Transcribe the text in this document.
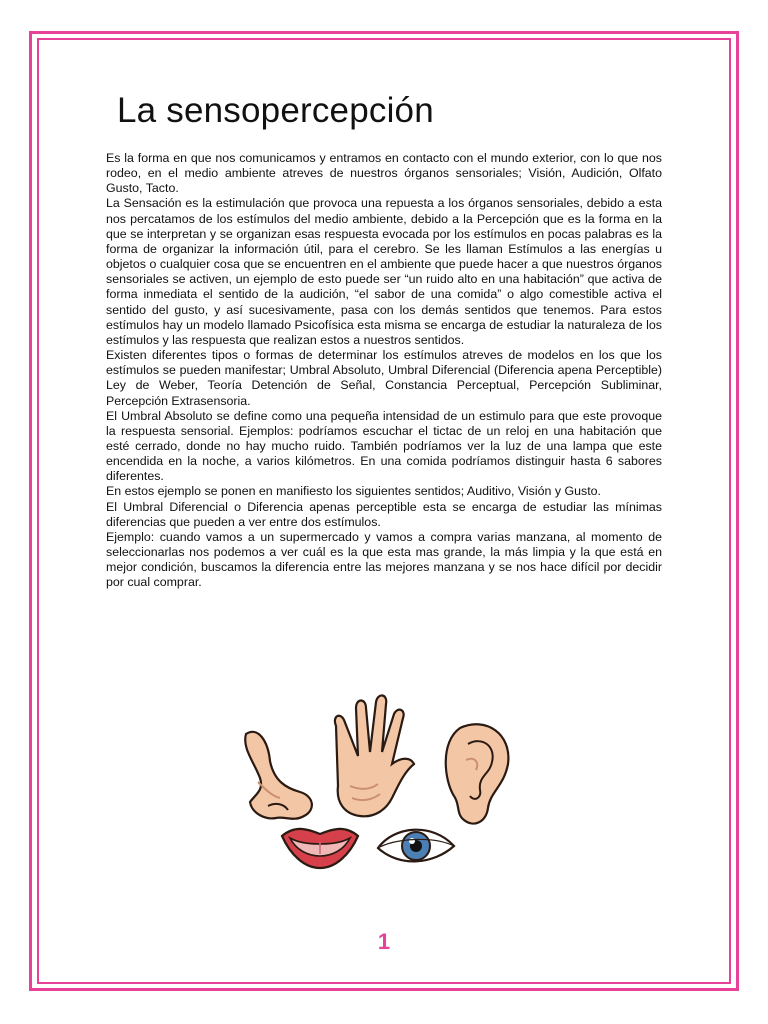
La sensopercepción

Es la forma en que nos comunicamos y entramos en contacto con el mundo exterior, con lo que nos rodeo, en el medio ambiente atreves de nuestros órganos sensoriales; Visión, Audición, Olfato Gusto, Tacto.

La Sensación es la estimulación que provoca una repuesta a los órganos sensoriales, debido a esta nos percatamos de los estímulos del medio ambiente, debido a la Percepción que es la forma en la que se interpretan y se organizan esas respuesta evocada por los estímulos en pocas palabras es la forma de organizar la información útil, para el cerebro. Se les llaman Estímulos a las energías u objetos o cualquier cosa que se encuentren en el ambiente que puede hacer a que nuestros órganos sensoriales se activen, un ejemplo de esto puede ser “un ruido alto en una habitación” que activa de forma inmediata el sentido de la audición, “el sabor de una comida” o algo comestible activa el sentido del gusto, y así sucesivamente, pasa con los demás sentidos que tenemos. Para estos estímulos hay un modelo llamado Psicofísica esta misma se encarga de estudiar la naturaleza de los estímulos y las respuesta que realizan estos a nuestros sentidos.

Existen diferentes tipos o formas de determinar los estímulos atreves de modelos en los que los estímulos se pueden manifestar; Umbral Absoluto, Umbral Diferencial (Diferencia apena Perceptible) Ley de Weber, Teoría Detención de Señal, Constancia Perceptual, Percepción Subliminar, Percepción Extrasensoria.

El Umbral Absoluto se define como una pequeña intensidad de un estimulo para que este provoque la respuesta sensorial. Ejemplos: podríamos escuchar el tictac de un reloj en una habitación que esté cerrado, donde no hay mucho ruido. También podríamos ver la luz de una lampa que este encendida en la noche, a varios kilómetros. En una comida podríamos distinguir hasta 6 sabores diferentes.

En estos ejemplo se ponen en manifiesto los siguientes sentidos; Auditivo, Visión y Gusto.

El Umbral Diferencial o Diferencia apenas perceptible esta se encarga de estudiar las mínimas diferencias que pueden a ver entre dos estímulos.

Ejemplo: cuando vamos a un supermercado y vamos a compra varias manzana, al momento de seleccionarlas nos podemos a ver cuál es la que esta mas grande, la más limpia y la que está en mejor condición, buscamos la diferencia entre las mejores manzana y se nos hace difícil por decidir por cual comprar.

1
